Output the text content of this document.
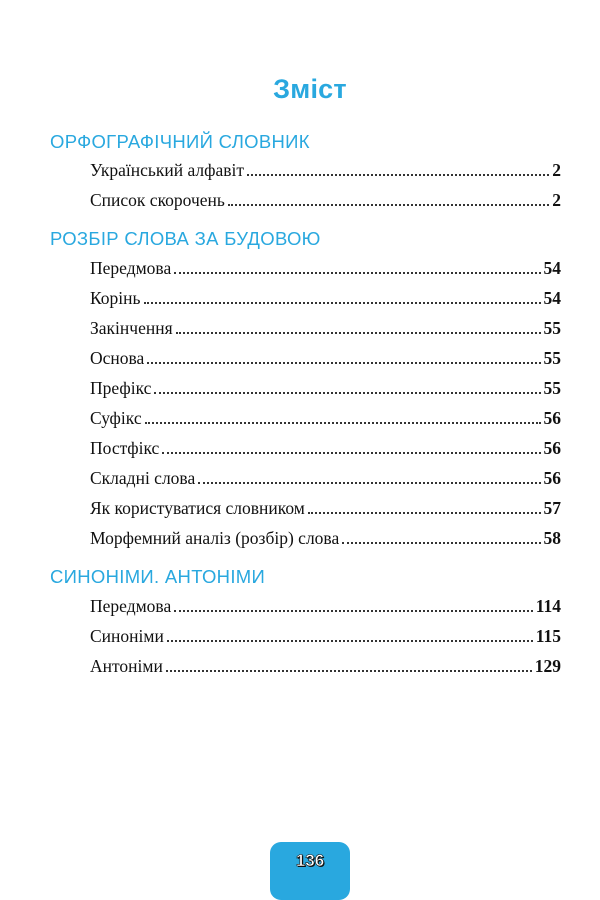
Зміст
ОРФОГРАФІЧНИЙ СЛОВНИК
Український алфавіт	2
Список скорочень	2
РОЗБІР СЛОВА ЗА БУДОВОЮ
Передмова	54
Корінь	54
Закінчення	55
Основа	55
Префікс	55
Суфікс	56
Постфікс	56
Складні слова	56
Як користуватися словником	57
Морфемний аналіз (розбір) слова	58
СИНОНІМИ. АНТОНІМИ
Передмова	114
Синоніми	115
Антоніми	129
136
